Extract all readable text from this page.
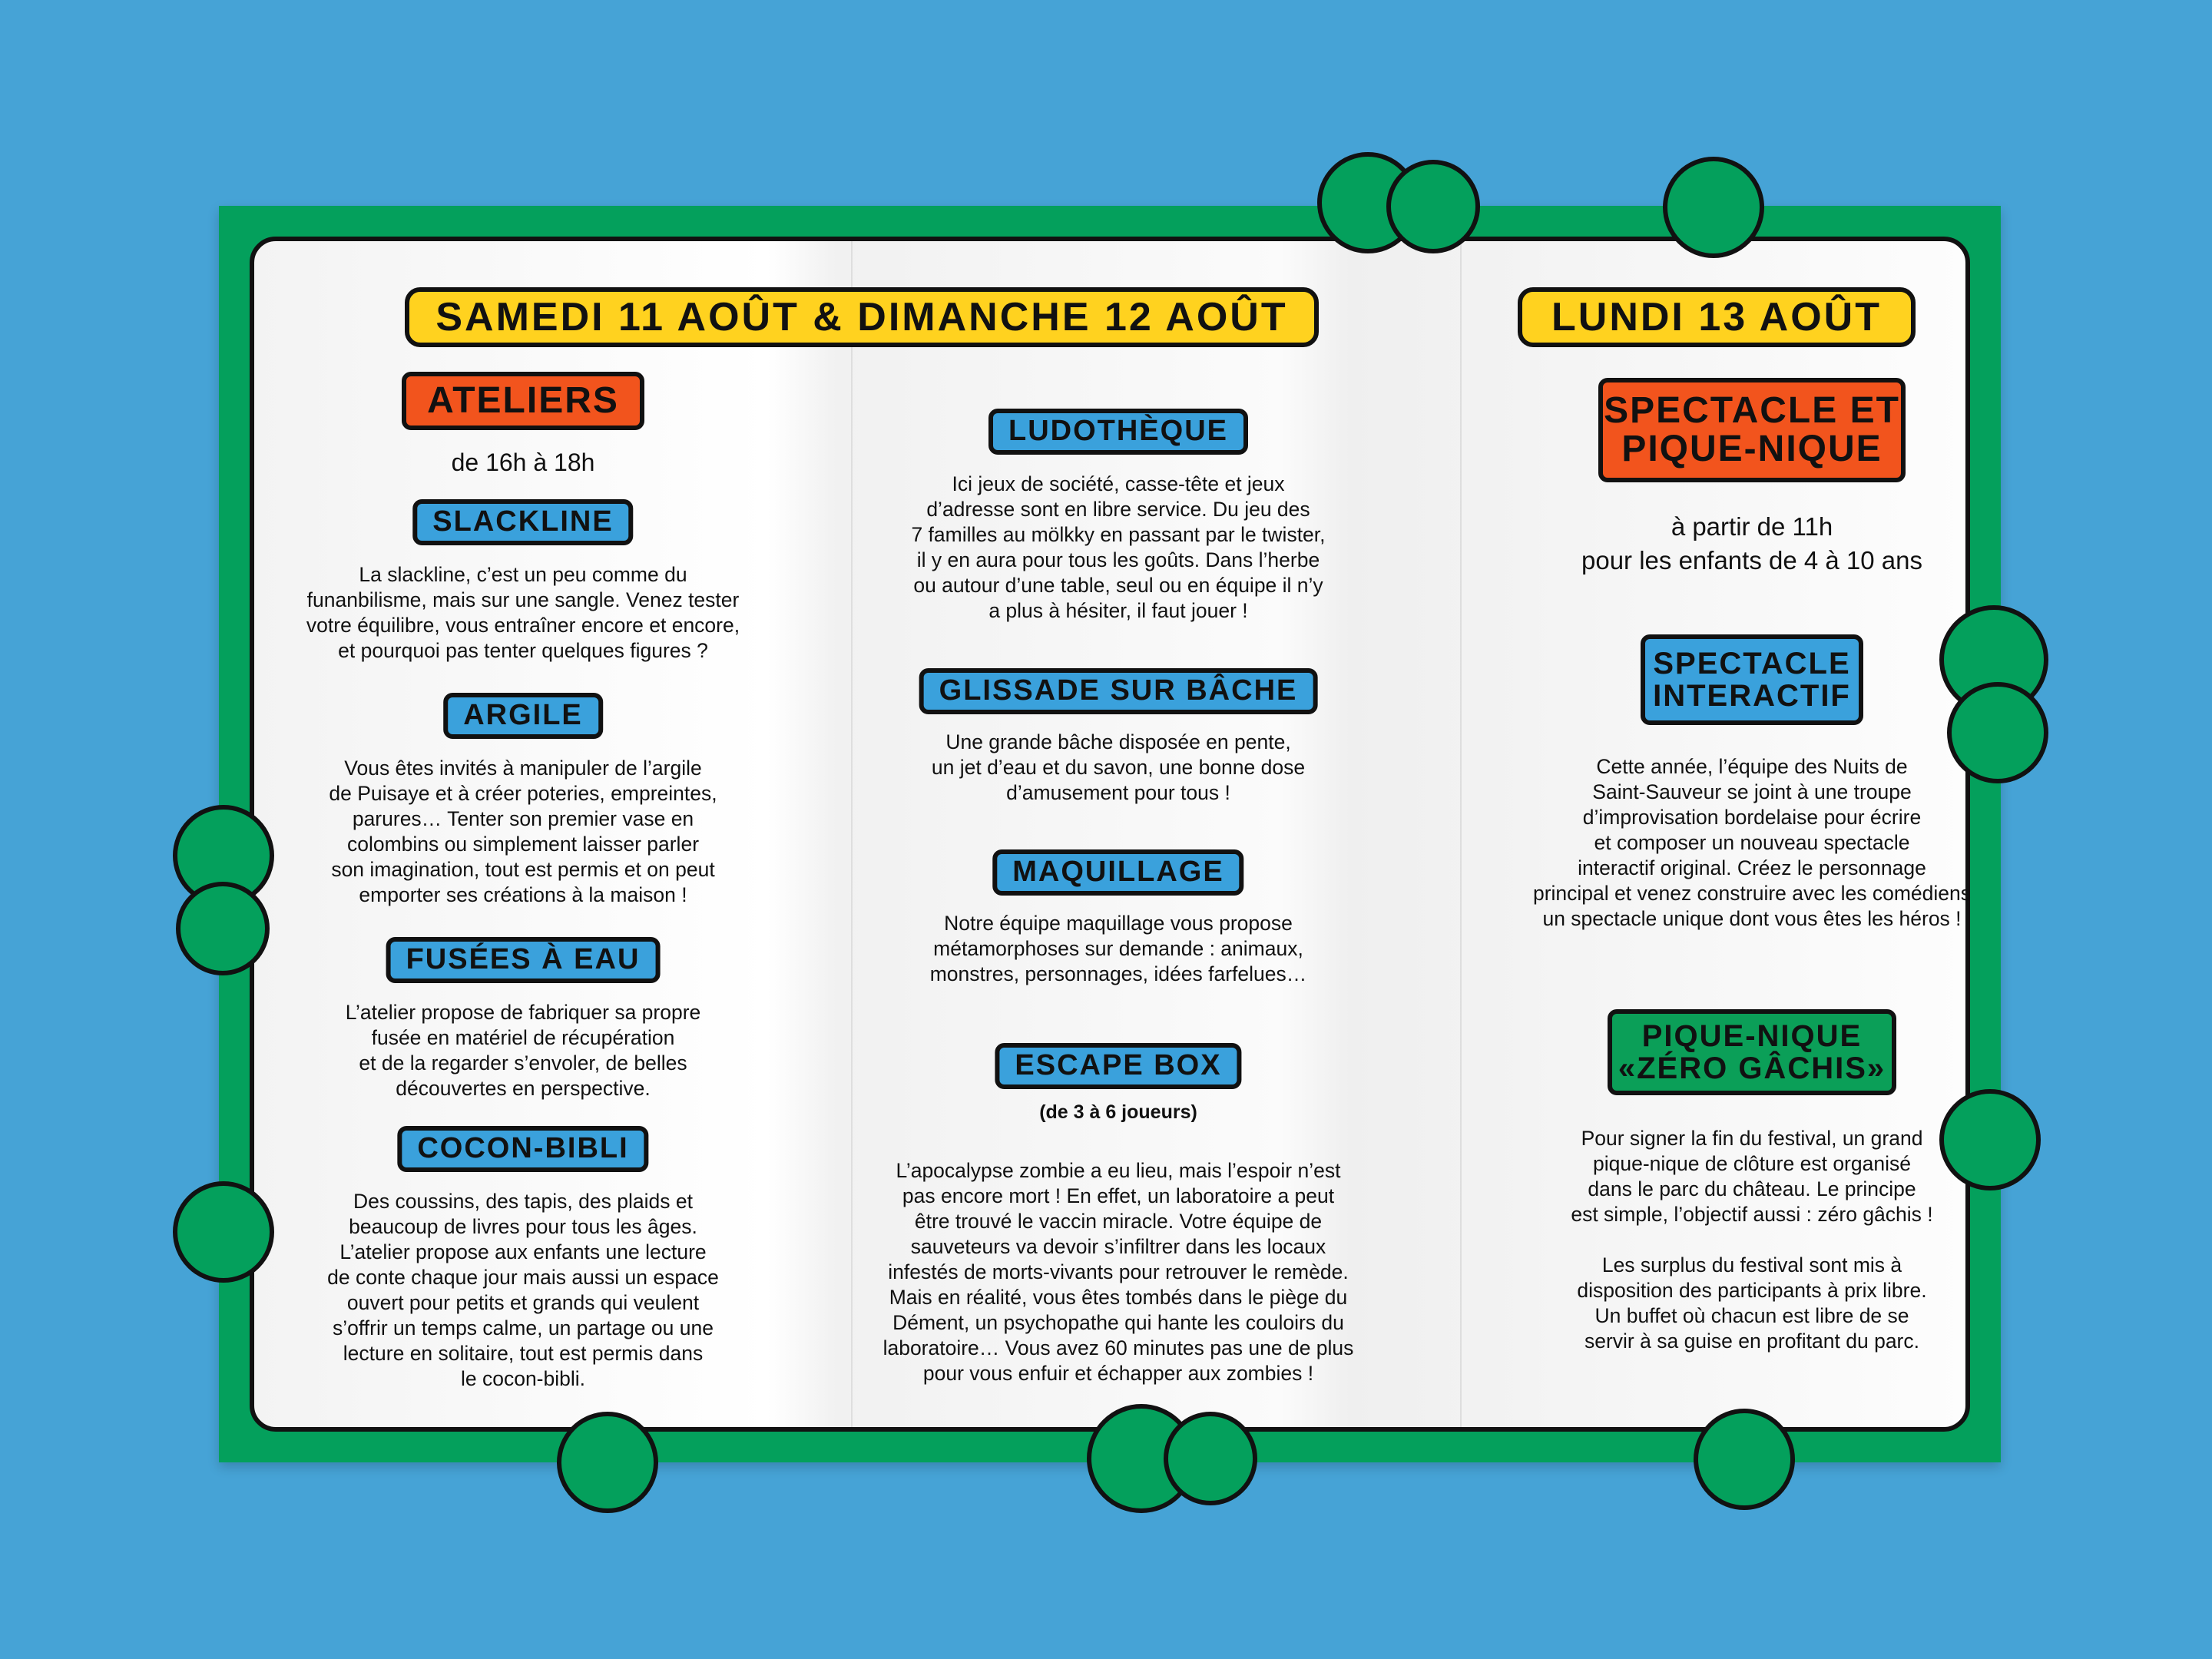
ATELIERS
de 16h à 18h
SLACKLINE
La slackline, c’est un peu comme du
funanbilisme, mais sur une sangle. Venez tester
votre équilibre, vous entraîner encore et encore,
et pourquoi pas tenter quelques figures ?
ARGILE
Vous êtes invités à manipuler de l’argile
de Puisaye et à créer poteries, empreintes,
parures… Tenter son premier vase en
colombins ou simplement laisser parler
son imagination, tout est permis et on peut
emporter ses créations à la maison !
FUSÉES À EAU
L’atelier propose de fabriquer sa propre
fusée en matériel de récupération
et de la regarder s’envoler, de belles
découvertes en perspective.
COCON-BIBLI
Des coussins, des tapis, des plaids et
beaucoup de livres pour tous les âges.
L’atelier propose aux enfants une lecture
de conte chaque jour mais aussi un espace
ouvert pour petits et grands qui veulent
s’offrir un temps calme, un partage ou une
lecture en solitaire, tout est permis dans
le cocon-bibli.
SAMEDI 11 AOÛT & DIMANCHE 12 AOÛT
LUDOTHÈQUE
Ici jeux de société, casse-tête et jeux
d’adresse sont en libre service. Du jeu des
7 familles au mölkky en passant par le twister,
il y en aura pour tous les goûts. Dans l’herbe
ou autour d’une table, seul ou en équipe il n’y
a plus à hésiter, il faut jouer !
GLISSADE SUR BÂCHE
Une grande bâche disposée en pente,
un jet d’eau et du savon, une bonne dose
d’amusement pour tous !
MAQUILLAGE
Notre équipe maquillage vous propose
métamorphoses sur demande : animaux,
monstres, personnages, idées farfelues…
ESCAPE BOX
(de 3 à 6 joueurs)
L’apocalypse zombie a eu lieu, mais l’espoir n’est
pas encore mort ! En effet, un laboratoire a peut
être trouvé le vaccin miracle. Votre équipe de
sauveteurs va devoir s’infiltrer dans les locaux
infestés de morts-vivants pour retrouver le remède.
Mais en réalité, vous êtes tombés dans le piège du
Dément, un psychopathe qui hante les couloirs du
laboratoire… Vous avez 60 minutes pas une de plus
pour vous enfuir et échapper aux zombies !
LUNDI 13 AOÛT
SPECTACLE ET
PIQUE-NIQUE
à partir de 11h
pour les enfants de 4 à 10 ans
SPECTACLE
INTERACTIF
Cette année, l’équipe des Nuits de
Saint-Sauveur se joint à une troupe
d’improvisation bordelaise pour écrire
et composer un nouveau spectacle
interactif original. Créez le personnage
principal et venez construire avec les comédiens
un spectacle unique dont vous êtes les héros !
PIQUE-NIQUE
«ZÉRO GÂCHIS»
Pour signer la fin du festival, un grand
pique-nique de clôture est organisé
dans le parc du château. Le principe
est simple, l’objectif aussi : zéro gâchis !

Les surplus du festival sont mis à
disposition des participants à prix libre.
Un buffet où chacun est libre de se
servir à sa guise en profitant du parc.
